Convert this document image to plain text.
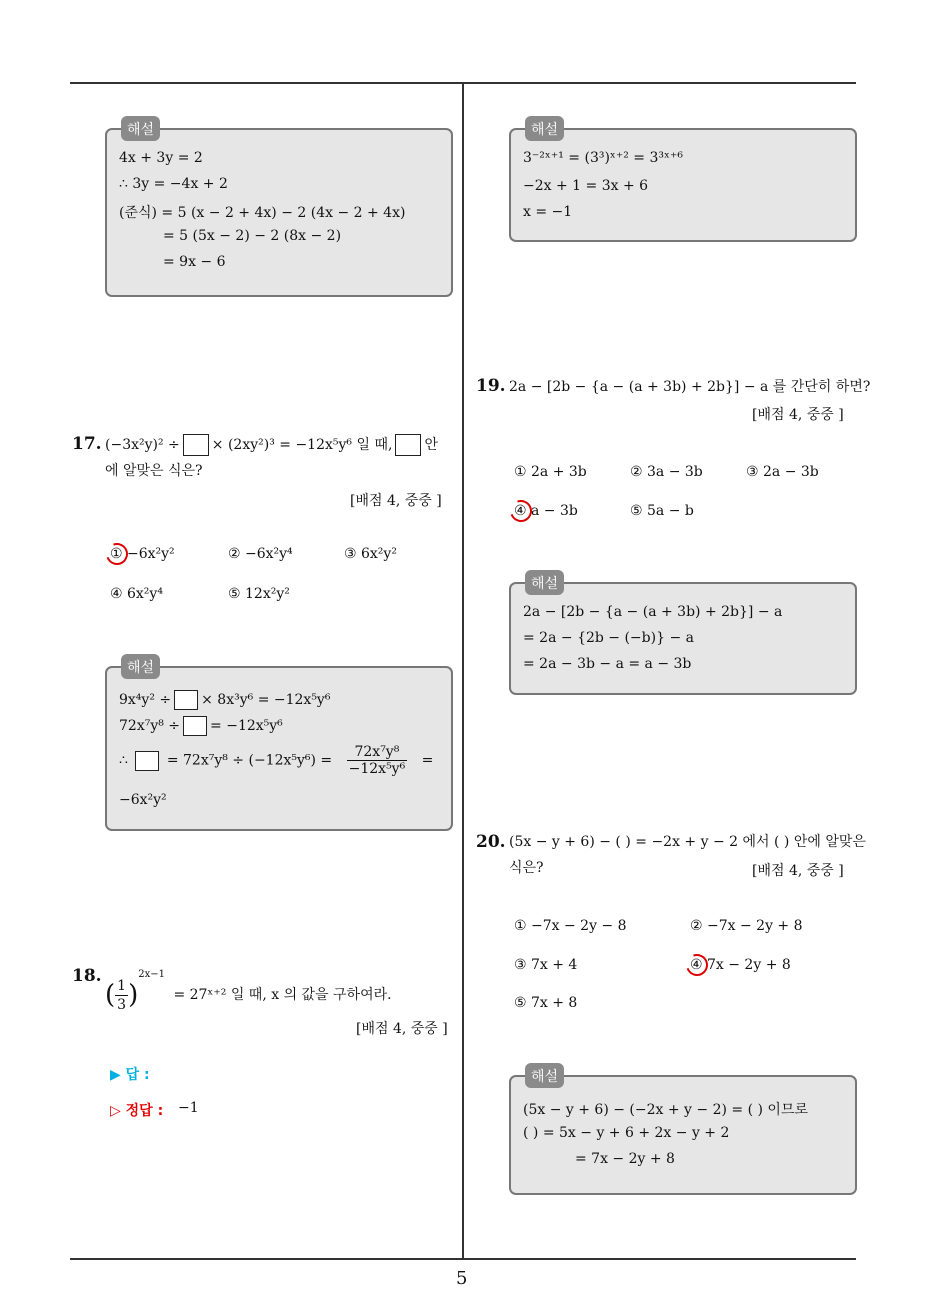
5
해설
4x + 3y = 2
∴ 3y = −4x + 2
(준식) = 5 (x − 2 + 4x) − 2 (4x − 2 + 4x)
= 5 (5x − 2) − 2 (8x − 2)
= 9x − 6
17. (−3x²y)² ÷ × (2xy²)³ = −12x⁵y⁶ 일 때, 안
에 알맞은 식은?
[배점 4, 중중 ]
① −6x²y²	② −6x²y⁴	③ 6x²y²
④ 6x²y⁴	⑤ 12x²y²
해설
9x⁴y² ÷ × 8x³y⁶ = −12x⁵y⁶
72x⁷y⁸ ÷ = −12x⁵y⁶
∴	= $72x^7y^8 \div (-12x^5y^6) = \frac{\text{72x⁷y⁸}}{\text{−12x⁵y⁶}}$ =
−6x²y²
18.
( $\frac{1}{3} )^{2x-1}$ = 27ˣ⁺² 일 때, x 의 값을 구하여라.
[배점 4, 중중 ]
▶ 답 :
▷ 정답 : −1
해설
3⁻²ˣ⁺¹ = (3³)ˣ⁺² = 3³ˣ⁺⁶
−2x + 1 = 3x + 6
x = −1
19. 2a − [2b − {a − (a + 3b) + 2b}] − a 를 간단히 하면?
[배점 4, 중중 ]
① 2a + 3b	② 3a − 3b	③ 2a − 3b
④ a − 3b	⑤ 5a − b
해설
2a − [2b − {a − (a + 3b) + 2b}] − a
= 2a − {2b − (−b)} − a
= 2a − 3b − a = a − 3b
20. (5x − y + 6) − ( ) = −2x + y − 2 에서 ( ) 안에 알맞은
식은?	[배점 4, 중중 ]
① −7x − 2y − 8	② −7x − 2y + 8
③ 7x + 4	④ 7x − 2y + 8
⑤ 7x + 8
해설
(5x − y + 6) − (−2x + y − 2) = ( ) 이므로
( ) = 5x − y + 6 + 2x − y + 2
= 7x − 2y + 8
